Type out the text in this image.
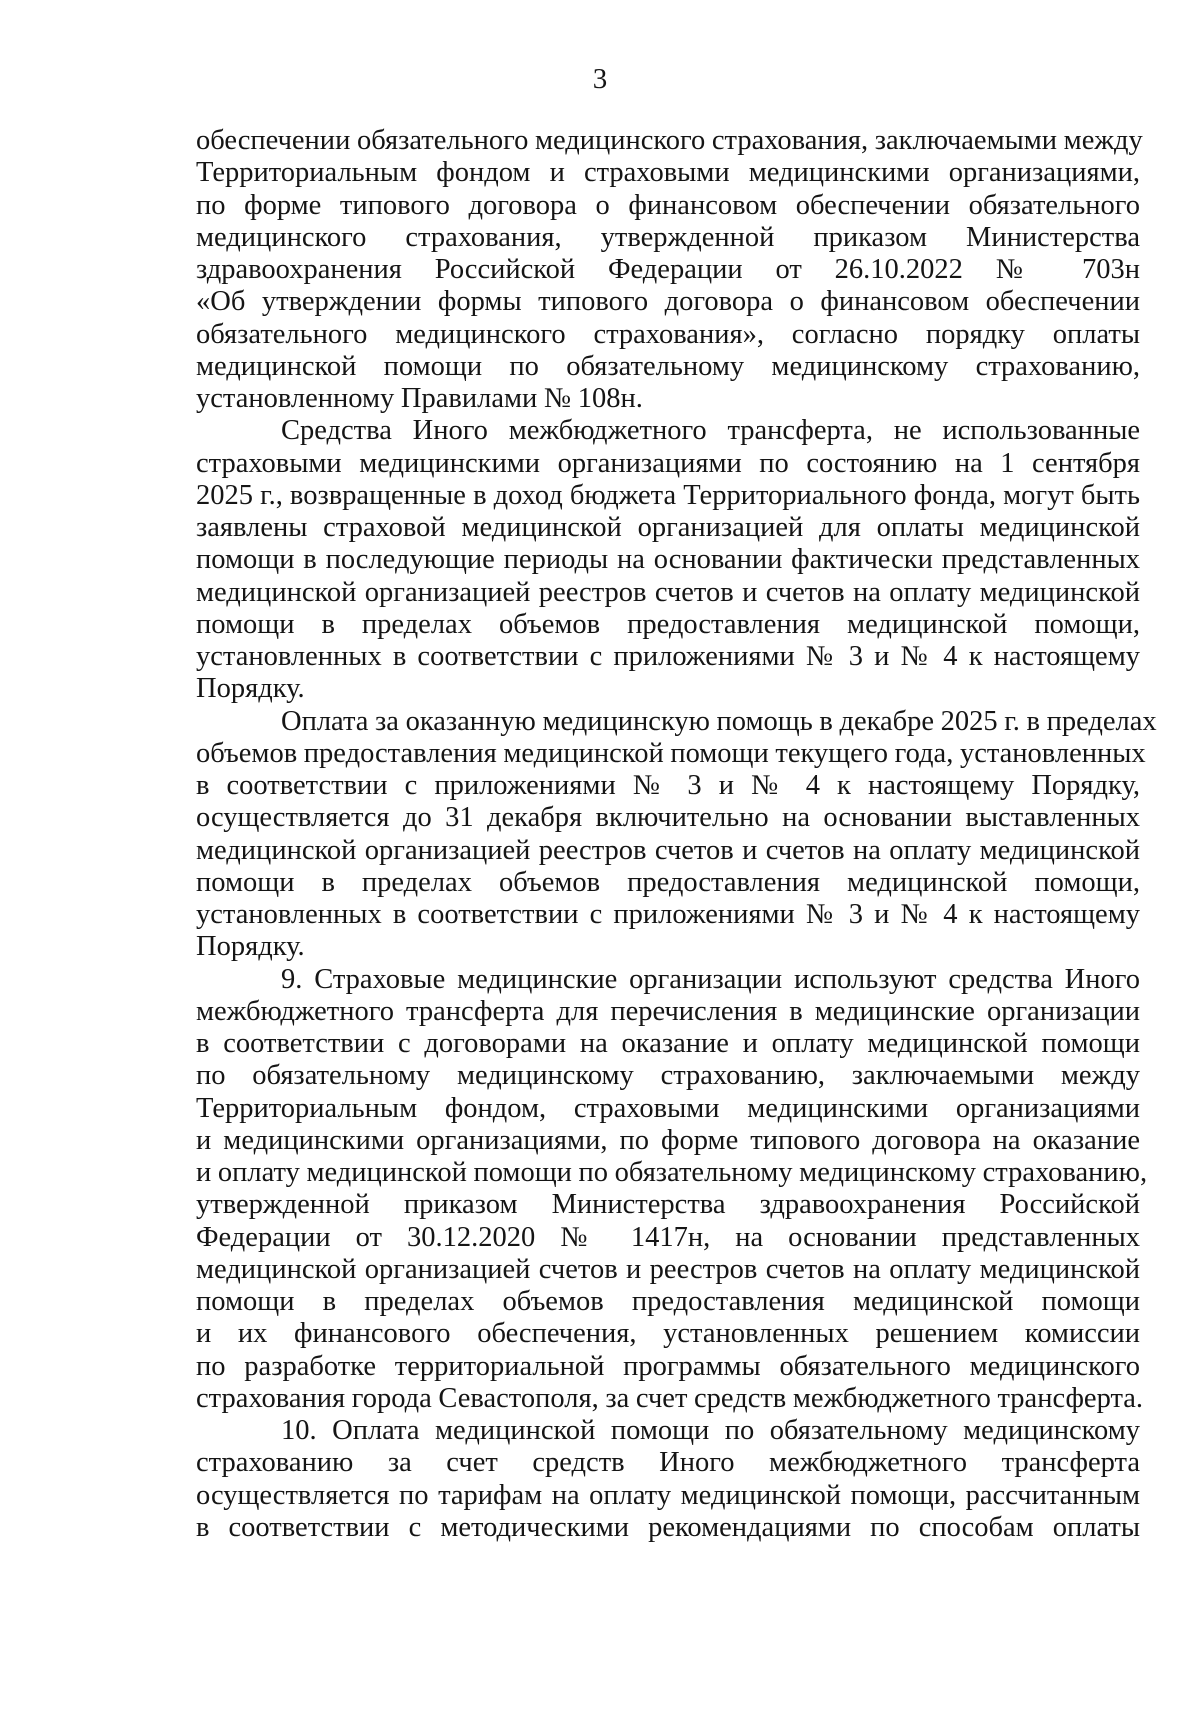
3
обеспечении обязательного медицинского страхования, заключаемыми между
Территориальным фондом и страховыми медицинскими организациями,
по форме типового договора о финансовом обеспечении обязательного
медицинского страхования, утвержденной приказом Министерства
здравоохранения Российской Федерации от 26.10.2022 № 703н
«Об утверждении формы типового договора о финансовом обеспечении
обязательного медицинского страхования», согласно порядку оплаты
медицинской помощи по обязательному медицинскому страхованию,
установленному Правилами № 108н.
Средства Иного межбюджетного трансферта, не использованные
страховыми медицинскими организациями по состоянию на 1 сентября
2025 г., возвращенные в доход бюджета Территориального фонда, могут быть
заявлены страховой медицинской организацией для оплаты медицинской
помощи в последующие периоды на основании фактически представленных
медицинской организацией реестров счетов и счетов на оплату медицинской
помощи в пределах объемов предоставления медицинской помощи,
установленных в соответствии с приложениями № 3 и № 4 к настоящему
Порядку.
Оплата за оказанную медицинскую помощь в декабре 2025 г. в пределах
объемов предоставления медицинской помощи текущего года, установленных
в соответствии с приложениями № 3 и № 4 к настоящему Порядку,
осуществляется до 31 декабря включительно на основании выставленных
медицинской организацией реестров счетов и счетов на оплату медицинской
помощи в пределах объемов предоставления медицинской помощи,
установленных в соответствии с приложениями № 3 и № 4 к настоящему
Порядку.
9. Страховые медицинские организации используют средства Иного
межбюджетного трансферта для перечисления в медицинские организации
в соответствии с договорами на оказание и оплату медицинской помощи
по обязательному медицинскому страхованию, заключаемыми между
Территориальным фондом, страховыми медицинскими организациями
и медицинскими организациями, по форме типового договора на оказание
и оплату медицинской помощи по обязательному медицинскому страхованию,
утвержденной приказом Министерства здравоохранения Российской
Федерации от 30.12.2020 № 1417н, на основании представленных
медицинской организацией счетов и реестров счетов на оплату медицинской
помощи в пределах объемов предоставления медицинской помощи
и их финансового обеспечения, установленных решением комиссии
по разработке территориальной программы обязательного медицинского
страхования города Севастополя, за счет средств межбюджетного трансферта.
10. Оплата медицинской помощи по обязательному медицинскому
страхованию за счет средств Иного межбюджетного трансферта
осуществляется по тарифам на оплату медицинской помощи, рассчитанным
в соответствии с методическими рекомендациями по способам оплаты
